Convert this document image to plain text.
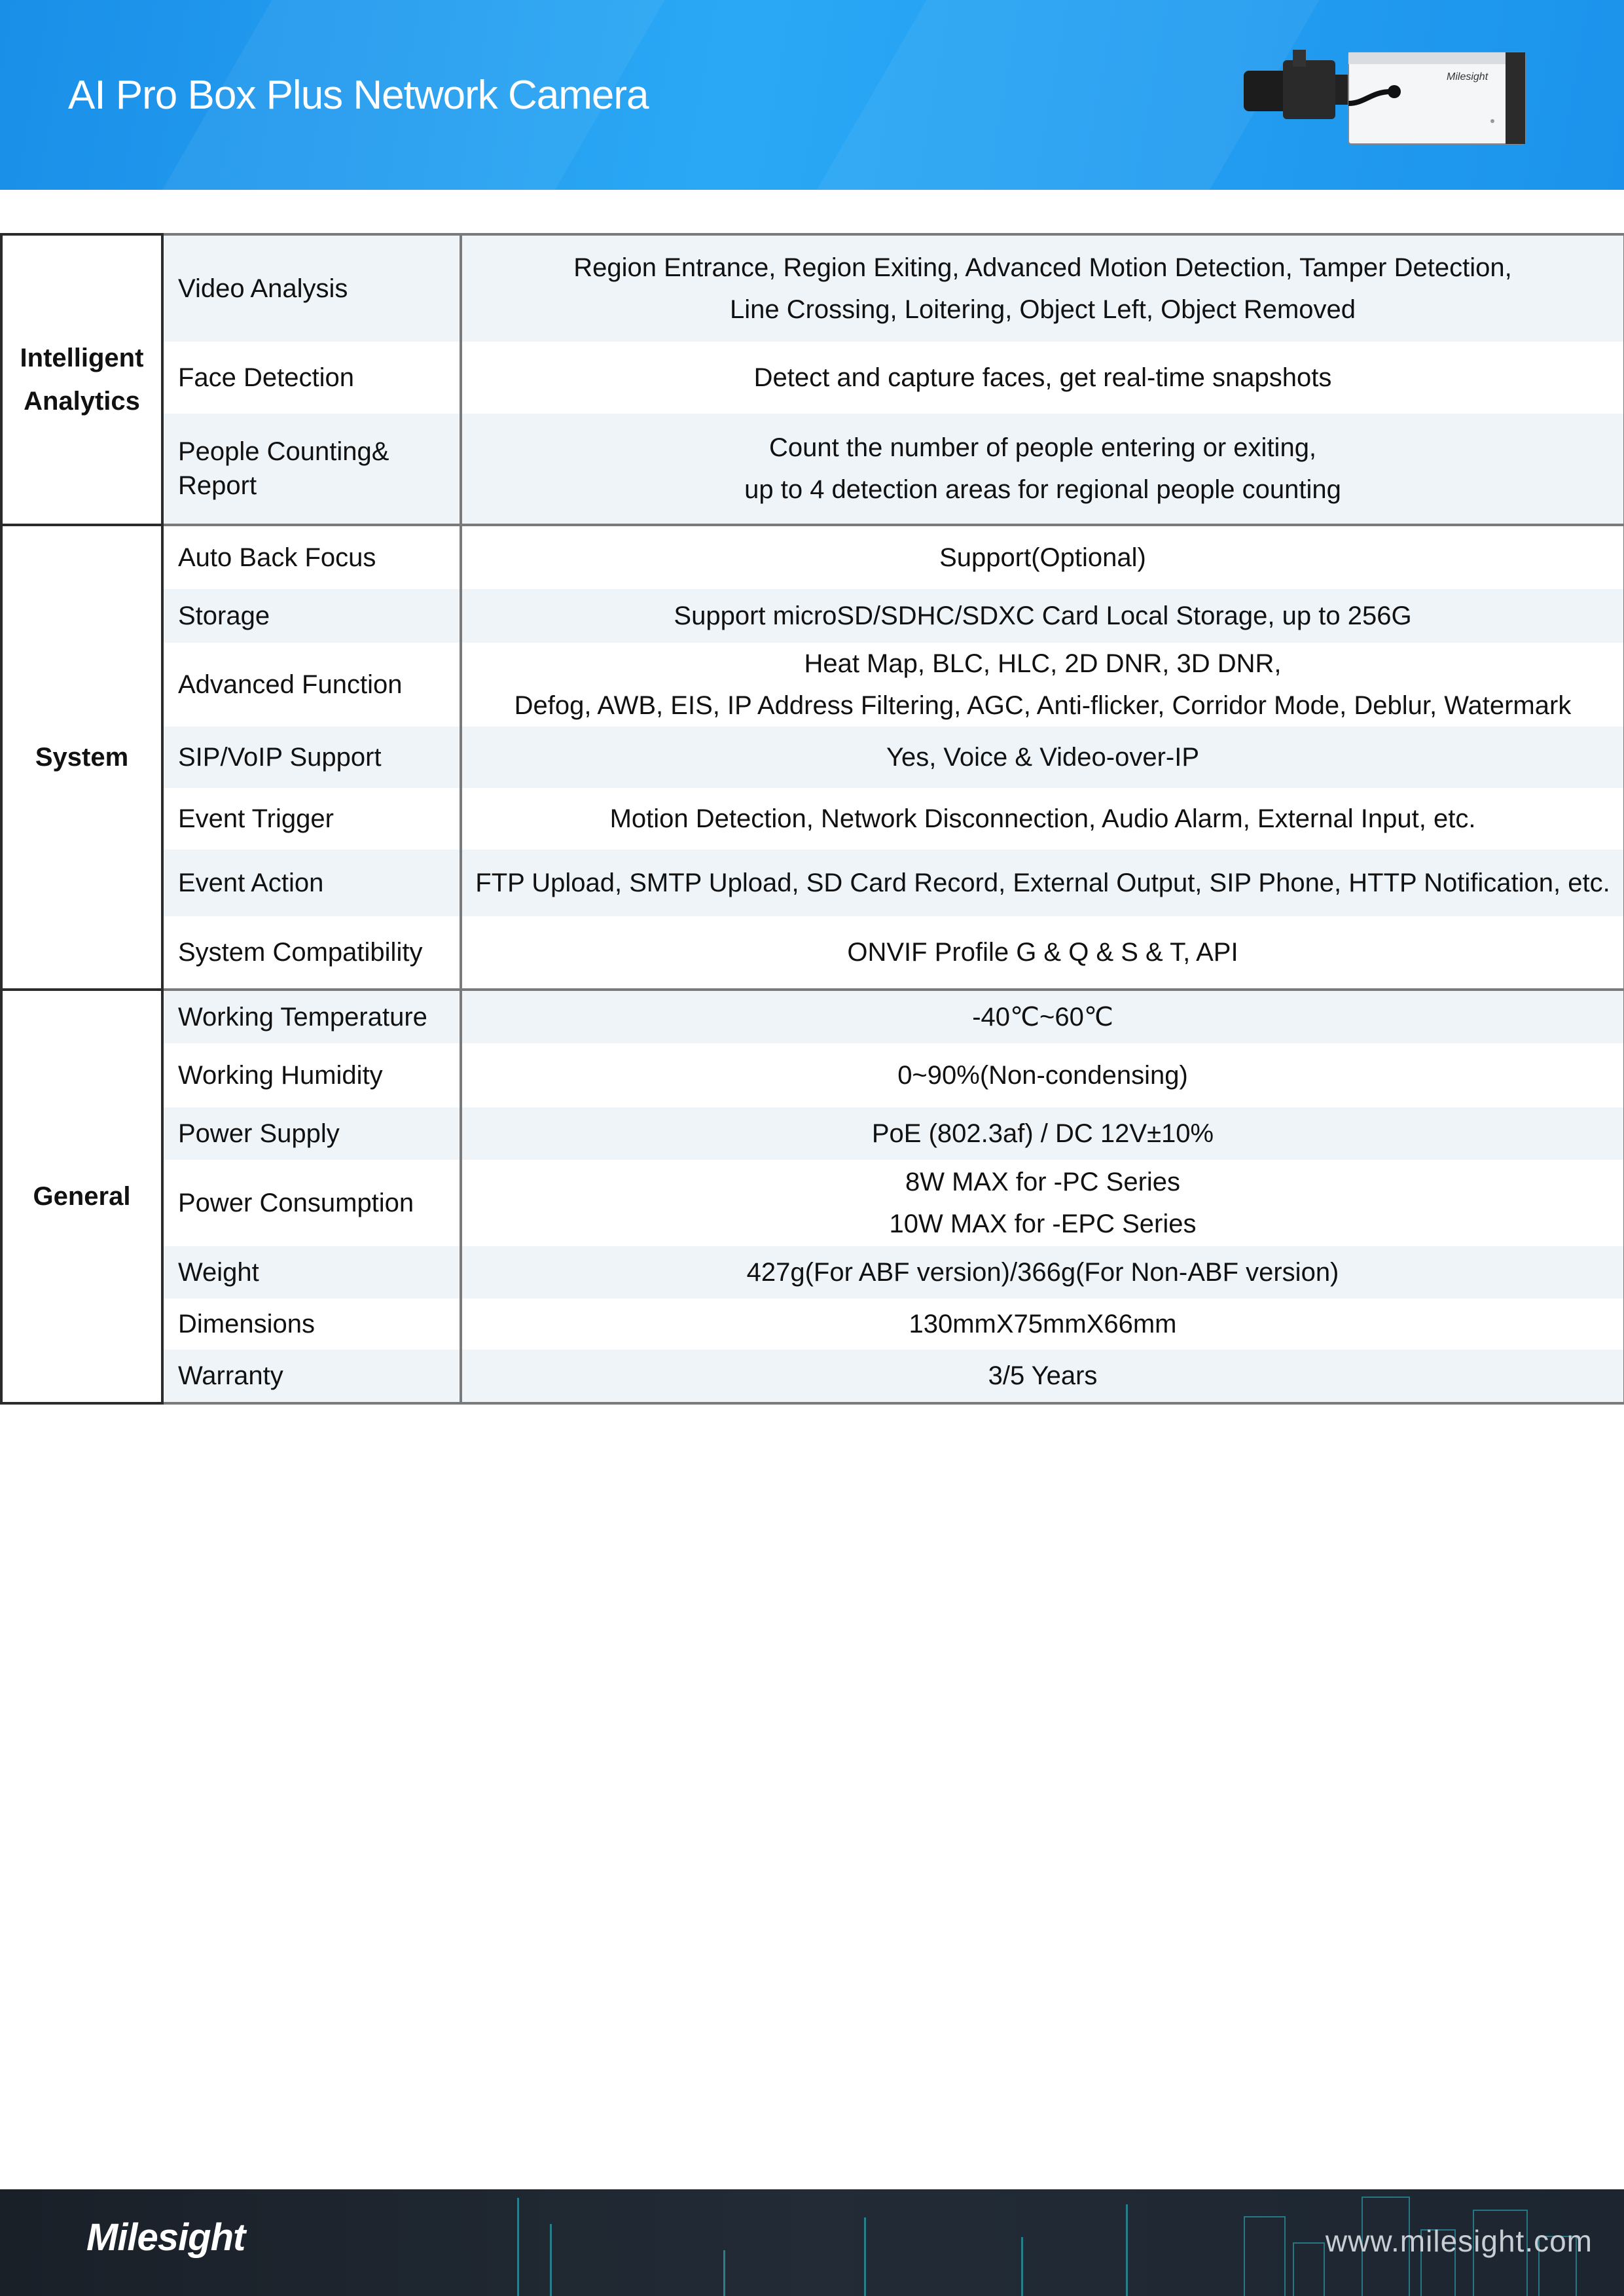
AI Pro Box Plus Network Camera	Milesight
Intelligent Analytics	Video Analysis	Region Entrance, Region Exiting, Advanced Motion Detection, Tamper Detection,
Line Crossing, Loitering, Object Left, Object Removed

	Face Detection	Detect and capture faces, get real-time snapshots

	People Counting& Report	Count the number of people entering or exiting,
up to 4 detection areas for regional people counting

System	Auto Back Focus	Support(Optional)

	Storage	Support microSD/SDHC/SDXC Card Local Storage, up to 256G

	Advanced Function	Heat Map, BLC, HLC, 2D DNR, 3D DNR,
Defog, AWB, EIS, IP Address Filtering, AGC, Anti-flicker, Corridor Mode, Deblur, Watermark

	SIP/VoIP Support	Yes, Voice & Video-over-IP

	Event Trigger	Motion Detection, Network Disconnection, Audio Alarm, External Input, etc.

	Event Action	FTP Upload, SMTP Upload, SD Card Record, External Output, SIP Phone, HTTP Notification, etc.

	System Compatibility	ONVIF Profile G & Q & S & T, API

General	Working Temperature	-40℃~60℃

	Working Humidity	0~90%(Non-condensing)

	Power Supply	PoE (802.3af) / DC 12V±10%

	Power Consumption	8W MAX for -PC Series
10W MAX for -EPC Series

	Weight	427g(For ABF version)/366g(For Non-ABF version)

	Dimensions	130mmX75mmX66mm

	Warranty	3/5 Years
Milesight	www.milesight.com
